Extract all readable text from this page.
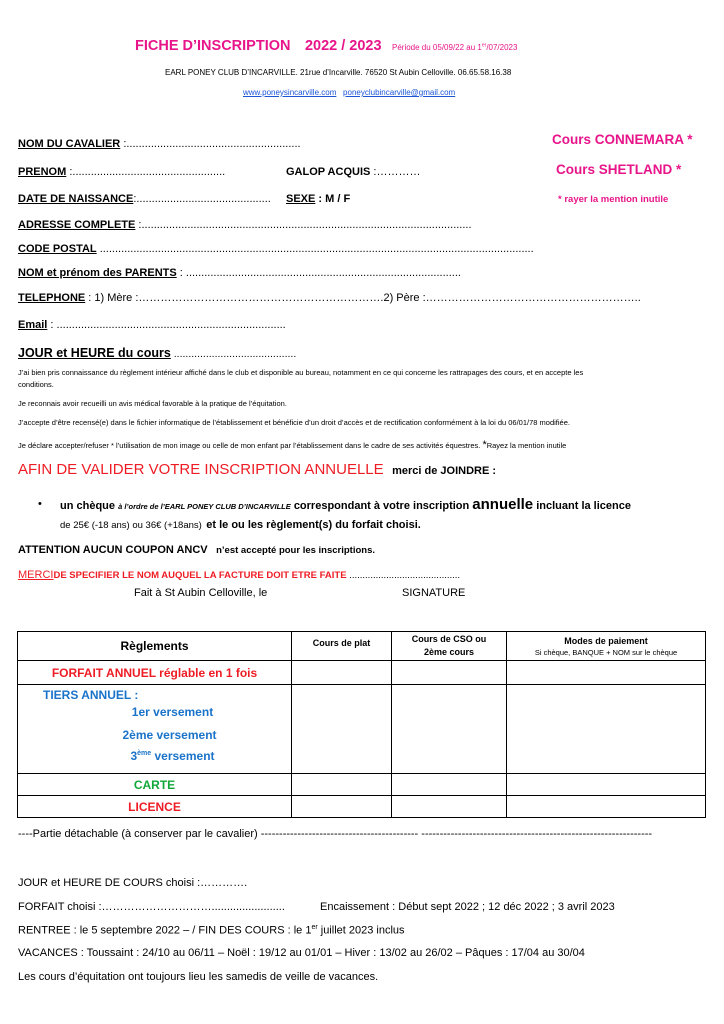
FICHE D’INSCRIPTION 2022 / 2023 Période du 05/09/22 au 1er/07/2023
EARL PONEY CLUB D’INCARVILLE. 21rue d’Incarville. 76520 St Aubin Celloville. 06.65.58.16.38
www.poneysincarville.com poneyclubincarville@gmail.com
Cours CONNEMARA *
Cours SHETLAND *
* rayer la mention inutile
NOM DU CAVALIER :.........................................................
PRENOM :..................................................	GALOP ACQUIS :…………
DATE DE NAISSANCE:............................................ SEXE : M / F
ADRESSE COMPLETE :............................................................................................................
CODE POSTAL ..............................................................................................................................................
NOM et prénom des PARENTS : ..........................................................................................
TELEPHONE : 1) Mère :………………………………………………………….2) Père :…………………………………………………..
Email : ...........................................................................
JOUR et HEURE du cours ..........................................
J’ai bien pris connaissance du règlement intérieur affiché dans le club et disponible au bureau, notamment en ce qui concerne les rattrapages des cours, et en accepte les
conditions.
Je reconnais avoir recueilli un avis médical favorable à la pratique de l’équitation.
J’accepte d’être recensé(e) dans le fichier informatique de l’établissement et bénéficie d’un droit d’accès et de rectification conformément à la loi du 06/01/78 modifiée.
Je déclare accepter/refuser * l’utilisation de mon image ou celle de mon enfant par l’établissement dans le cadre de ses activités équestres. *Rayez la mention inutile
AFIN DE VALIDER VOTRE INSCRIPTION ANNUELLE merci de JOINDRE :
• un chèque à l’ordre de l’EARL PONEY CLUB D’INCARVILLE correspondant à votre inscription annuelle incluant la licence
de 25€ (-18 ans) ou 36€ (+18ans) et le ou les règlement(s) du forfait choisi.
ATTENTION AUCUN COUPON ANCV n’est accepté pour les inscriptions.
MERCIDE SPECIFIER LE NOM AUQUEL LA FACTURE DOIT ETRE FAITE ..........................................
Fait à St Aubin Celloville, le	SIGNATURE
Règlements	Cours de plat	Cours de CSO ou 2ème cours	Modes de paiement
Si chèque, BANQUE + NOM sur le chèque

FORFAIT ANNUEL réglable en 1 fois			

TIERS ANNUEL :
1er versement
2ème versement
3ème versement			

CARTE			
LICENCE			
----Partie détachable (à conserver par le cavalier) ------------------------------------------- ---------------------------------------------------------------
JOUR et HEURE DE COURS choisi :………….
FORFAIT choisi :…………………………........................	Encaissement : Début sept 2022 ; 12 déc 2022 ; 3 avril 2023
RENTREE : le 5 septembre 2022 – / FIN DES COURS : le 1er juillet 2023 inclus
VACANCES : Toussaint : 24/10 au 06/11 – Noël : 19/12 au 01/01 – Hiver : 13/02 au 26/02 – Pâques : 17/04 au 30/04
Les cours d’équitation ont toujours lieu les samedis de veille de vacances.
